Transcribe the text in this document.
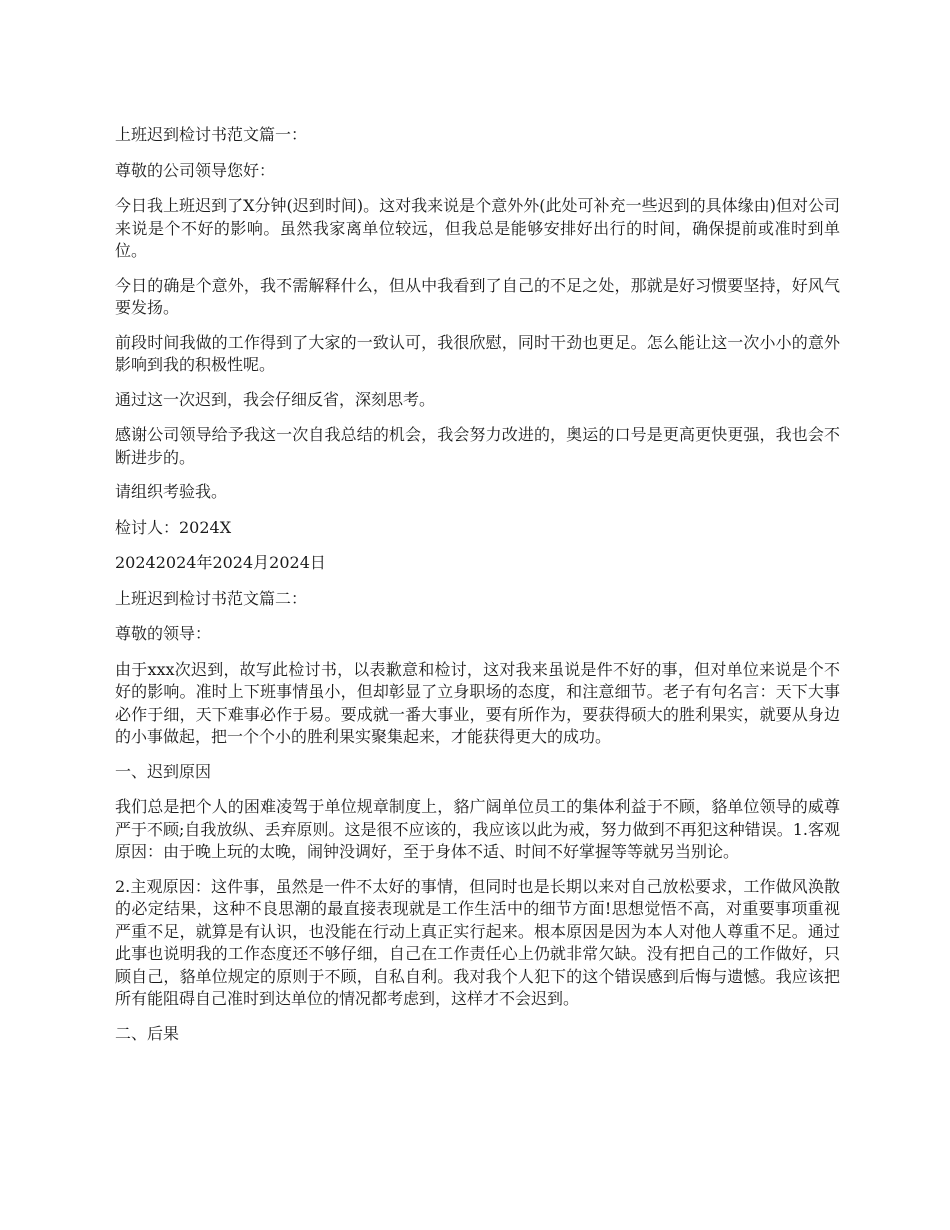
上班迟到检讨书范文篇一：

尊敬的公司领导您好：

今日我上班迟到了X分钟(迟到时间)。这对我来说是个意外外(此处可补充一些迟到的具体缘由)但对公司来说是个不好的影响。虽然我家离单位较远，但我总是能够安排好出行的时间，确保提前或准时到单位。

今日的确是个意外，我不需解释什么，但从中我看到了自己的不足之处，那就是好习惯要坚持，好风气要发扬。

前段时间我做的工作得到了大家的一致认可，我很欣慰，同时干劲也更足。怎么能让这一次小小的意外影响到我的积极性呢。

通过这一次迟到，我会仔细反省，深刻思考。

感谢公司领导给予我这一次自我总结的机会，我会努力改进的，奥运的口号是更高更快更强，我也会不断进步的。

请组织考验我。

检讨人：2024X

20242024年2024月2024日

上班迟到检讨书范文篇二：

尊敬的领导：

由于xxx次迟到，故写此检讨书，以表歉意和检讨，这对我来虽说是件不好的事，但对单位来说是个不好的影响。准时上下班事情虽小，但却彰显了立身职场的态度，和注意细节。老子有句名言：天下大事必作于细，天下难事必作于易。要成就一番大事业，要有所作为，要获得硕大的胜利果实，就要从身边的小事做起，把一个个小的胜利果实聚集起来，才能获得更大的成功。

一、迟到原因

我们总是把个人的困难凌驾于单位规章制度上，貉广阔单位员工的集体利益于不顾，貉单位领导的威尊严于不顾;自我放纵、丢弃原则。这是很不应该的，我应该以此为戒，努力做到不再犯这种错误。1.客观原因：由于晚上玩的太晚，闹钟没调好，至于身体不适、时间不好掌握等等就另当别论。

2.主观原因：这件事，虽然是一件不太好的事情，但同时也是长期以来对自己放松要求，工作做风涣散的必定结果，这种不良思潮的最直接表现就是工作生活中的细节方面!思想觉悟不高，对重要事项重视严重不足，就算是有认识，也没能在行动上真正实行起来。根本原因是因为本人对他人尊重不足。通过此事也说明我的工作态度还不够仔细，自己在工作责任心上仍就非常欠缺。没有把自己的工作做好，只顾自己，貉单位规定的原则于不顾，自私自利。我对我个人犯下的这个错误感到后悔与遗憾。我应该把所有能阻碍自己准时到达单位的情况都考虑到，这样才不会迟到。

二、后果
